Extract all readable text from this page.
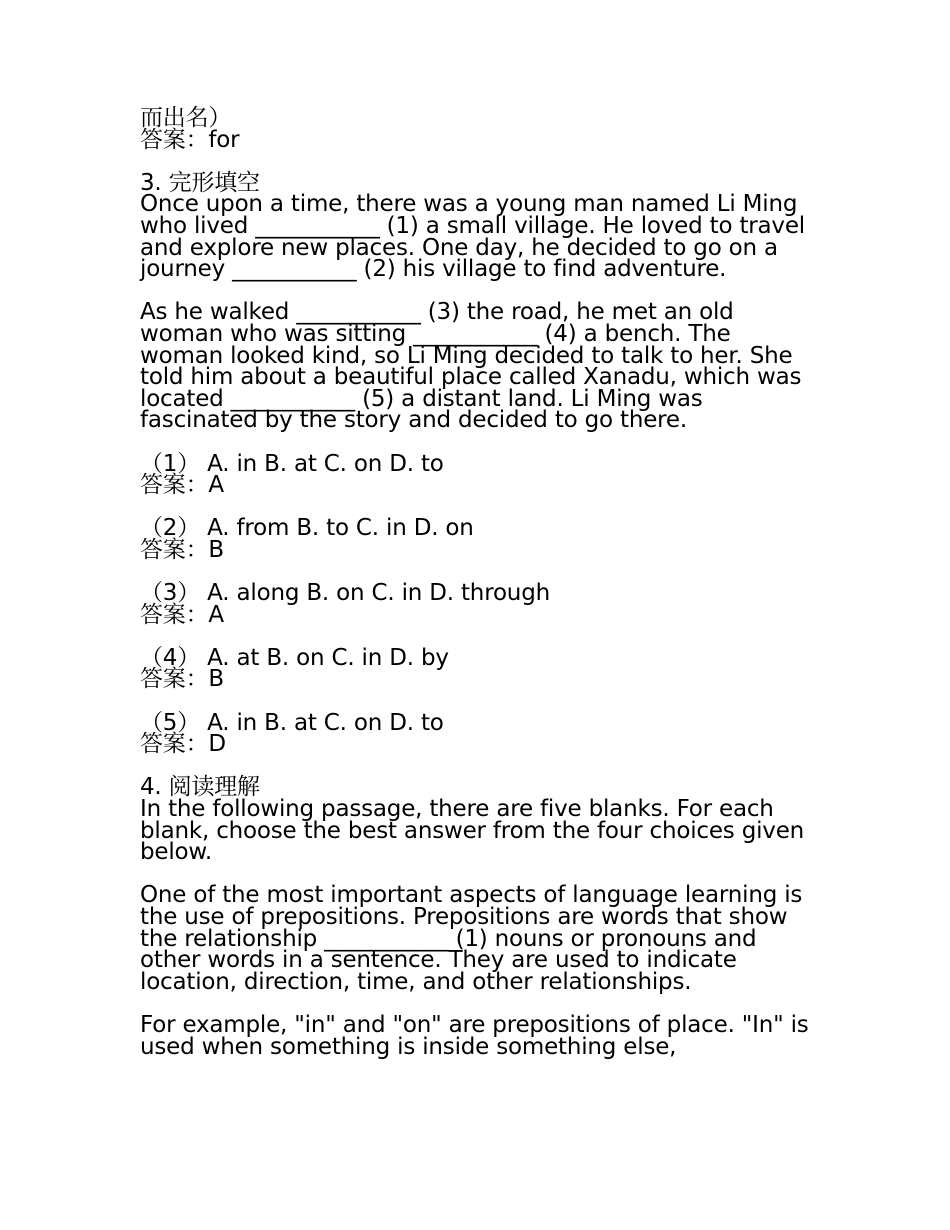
而出名）

答案：for

3. 完形填空

Once upon a time, there was a young man named Li Ming who lived ___________ (1) a small village. He loved to travel and explore new places. One day, he decided to go on a journey ___________ (2) his village to find adventure.

As he walked ___________ (3) the road, he met an old woman who was sitting ___________ (4) a bench. The woman looked kind, so Li Ming decided to talk to her. She told him about a beautiful place called Xanadu, which was located ___________ (5) a distant land. Li Ming was fascinated by the story and decided to go there.

（1） A. in B. at C. on D. to

答案：A

（2） A. from B. to C. in D. on

答案：B

（3） A. along B. on C. in D. through

答案：A

（4） A. at B. on C. in D. by

答案：B

（5） A. in B. at C. on D. to

答案：D

4. 阅读理解

In the following passage, there are five blanks. For each blank, choose the best answer from the four choices given below.

One of the most important aspects of language learning is the use of prepositions. Prepositions are words that show the relationship ___________ (1) nouns or pronouns and other words in a sentence. They are used to indicate location, direction, time, and other relationships.

For example, "in" and "on" are prepositions of place. "In" is used when something is inside something else,
